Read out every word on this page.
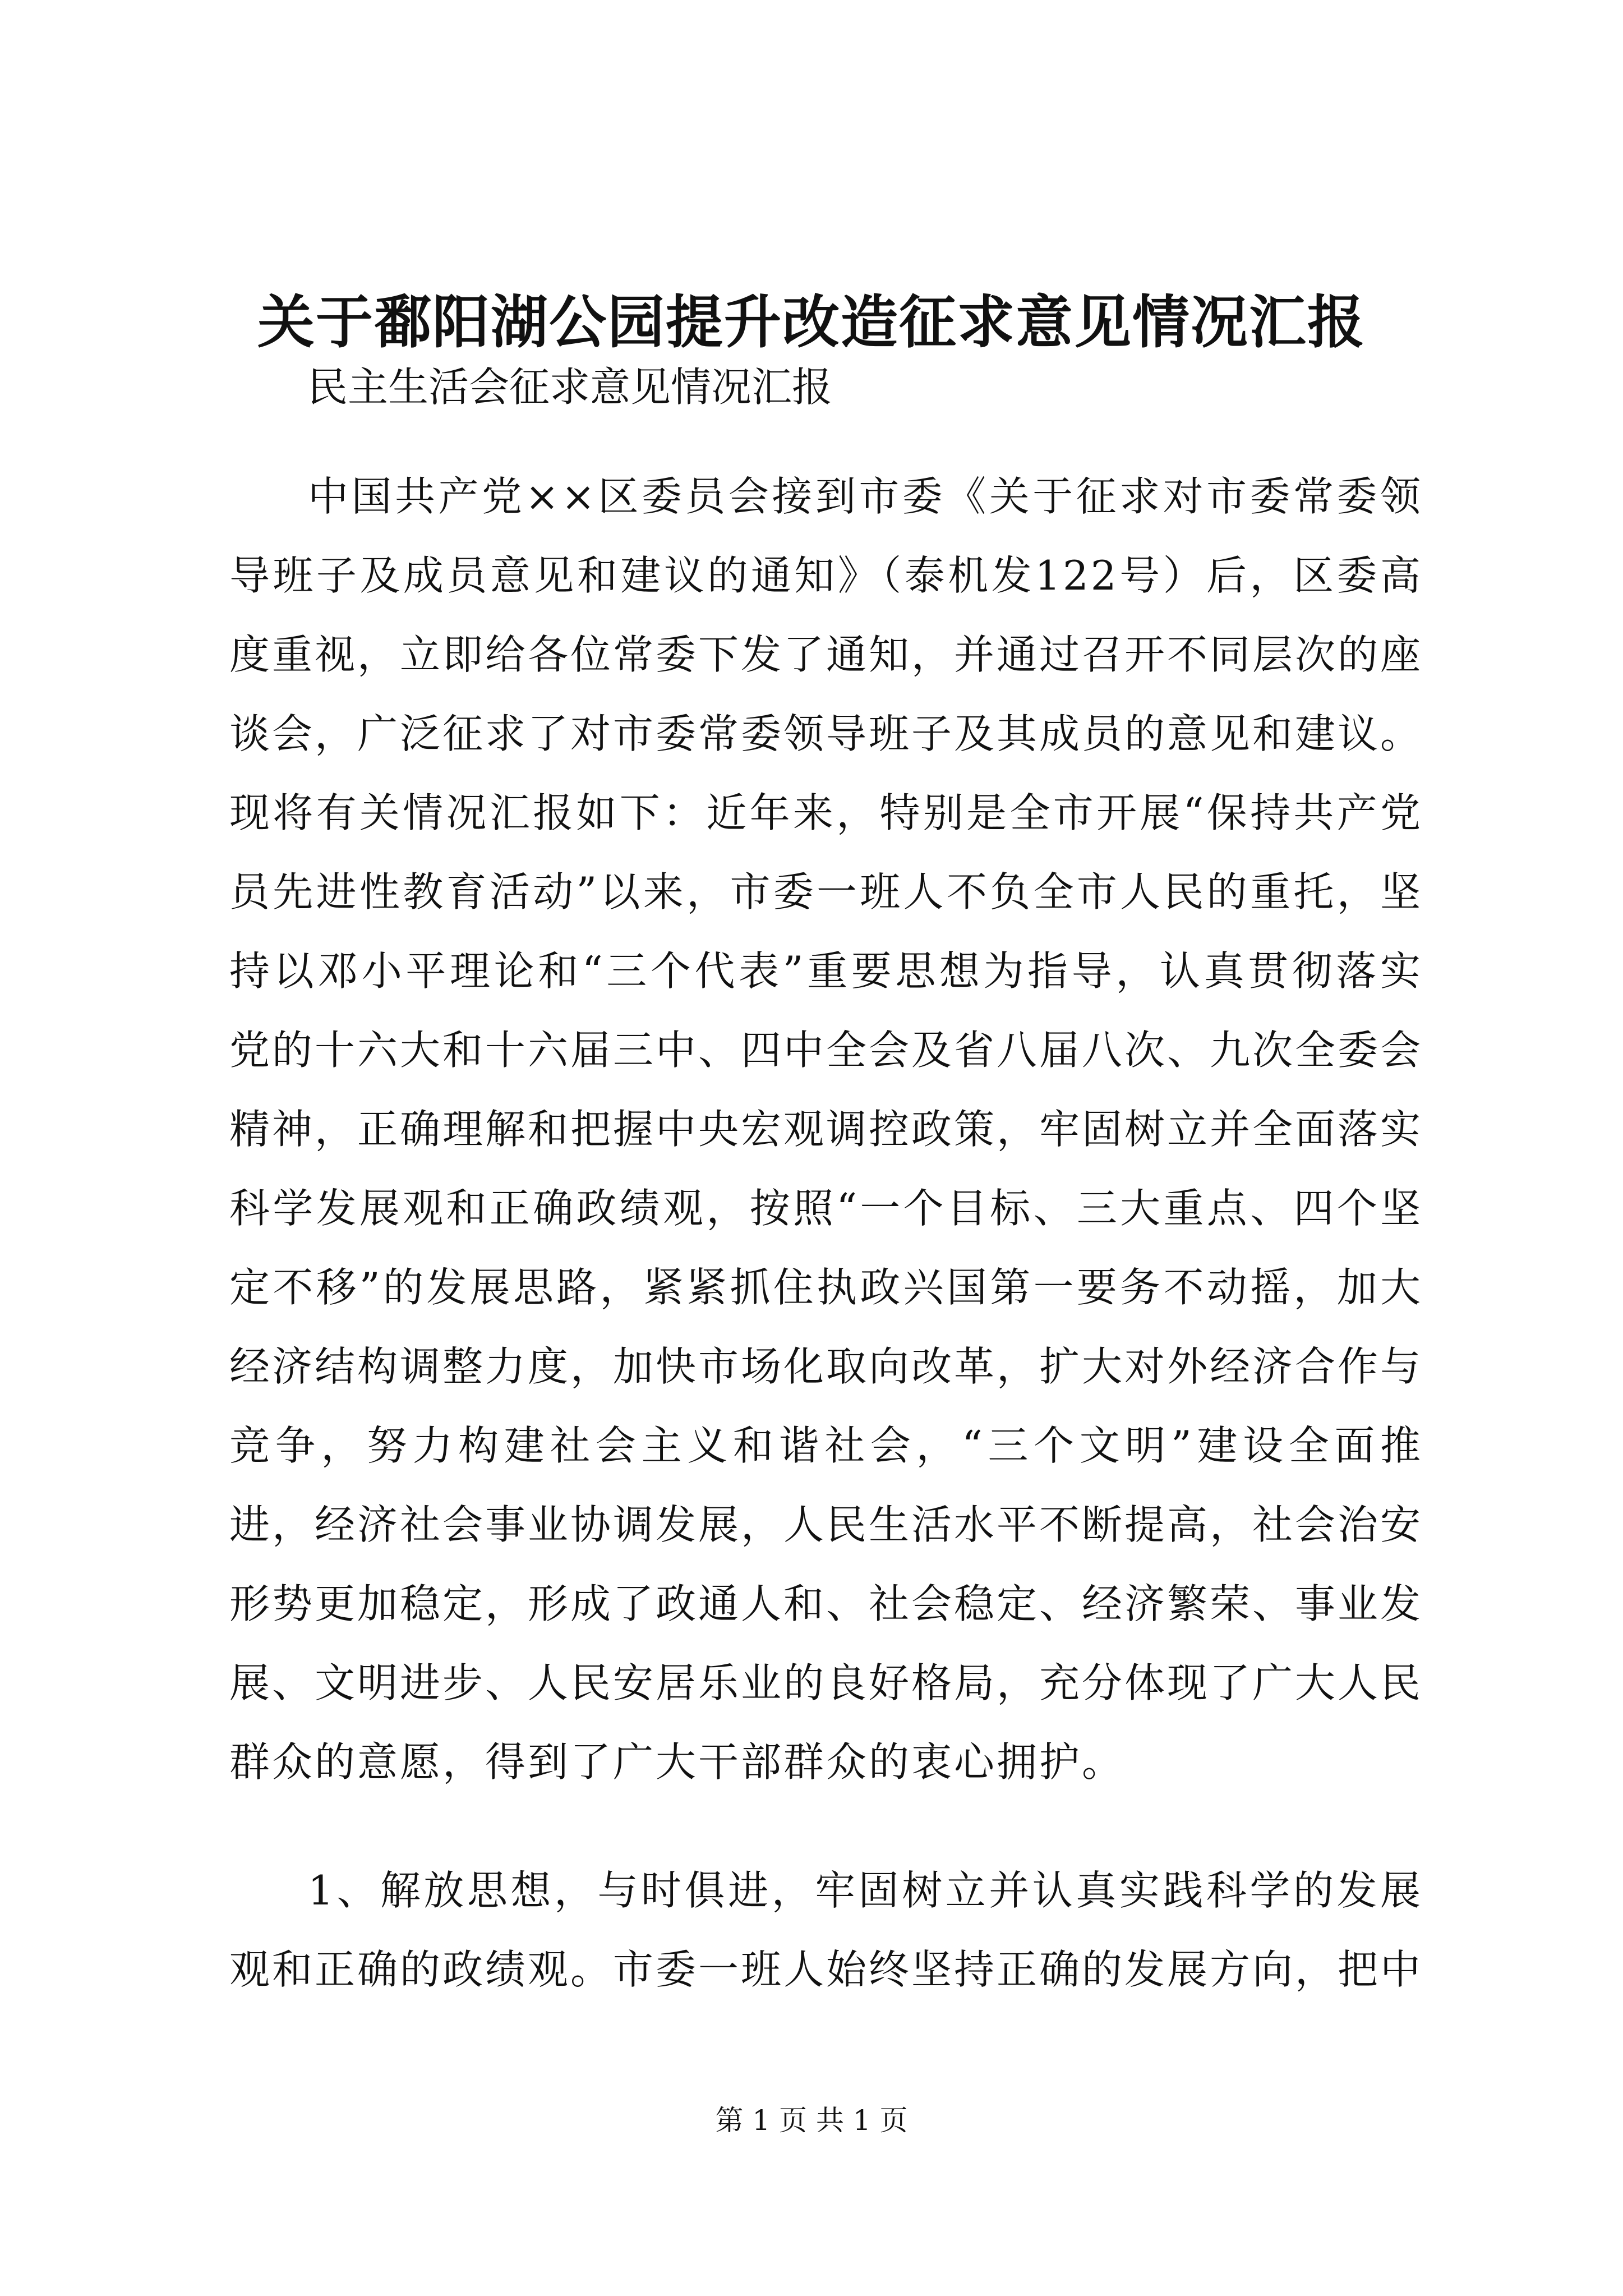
关于鄱阳湖公园提升改造征求意见情况汇报
民主生活会征求意见情况汇报
中国共产党××区委员会接到市委《关于征求对市委常委领导班子及成员意见和建议的通知》（泰机发122号）后，区委高度重视，立即给各位常委下发了通知，并通过召开不同层次的座谈会，广泛征求了对市委常委领导班子及其成员的意见和建议。现将有关情况汇报如下：近年来，特别是全市开展“保持共产党员先进性教育活动”以来，市委一班人不负全市人民的重托，坚持以邓小平理论和“三个代表”重要思想为指导，认真贯彻落实党的十六大和十六届三中、四中全会及省八届八次、九次全委会精神，正确理解和把握中央宏观调控政策，牢固树立并全面落实科学发展观和正确政绩观，按照“一个目标、三大重点、四个坚定不移”的发展思路，紧紧抓住执政兴国第一要务不动摇，加大经济结构调整力度，加快市场化取向改革，扩大对外经济合作与竞争，努力构建社会主义和谐社会，“三个文明”建设全面推进，经济社会事业协调发展，人民生活水平不断提高，社会治安形势更加稳定，形成了政通人和、社会稳定、经济繁荣、事业发展、文明进步、人民安居乐业的良好格局，充分体现了广大人民群众的意愿，得到了广大干部群众的衷心拥护。
1、解放思想，与时俱进，牢固树立并认真实践科学的发展观和正确的政绩观。市委一班人始终坚持正确的发展方向，把中
第 1 页 共 1 页
